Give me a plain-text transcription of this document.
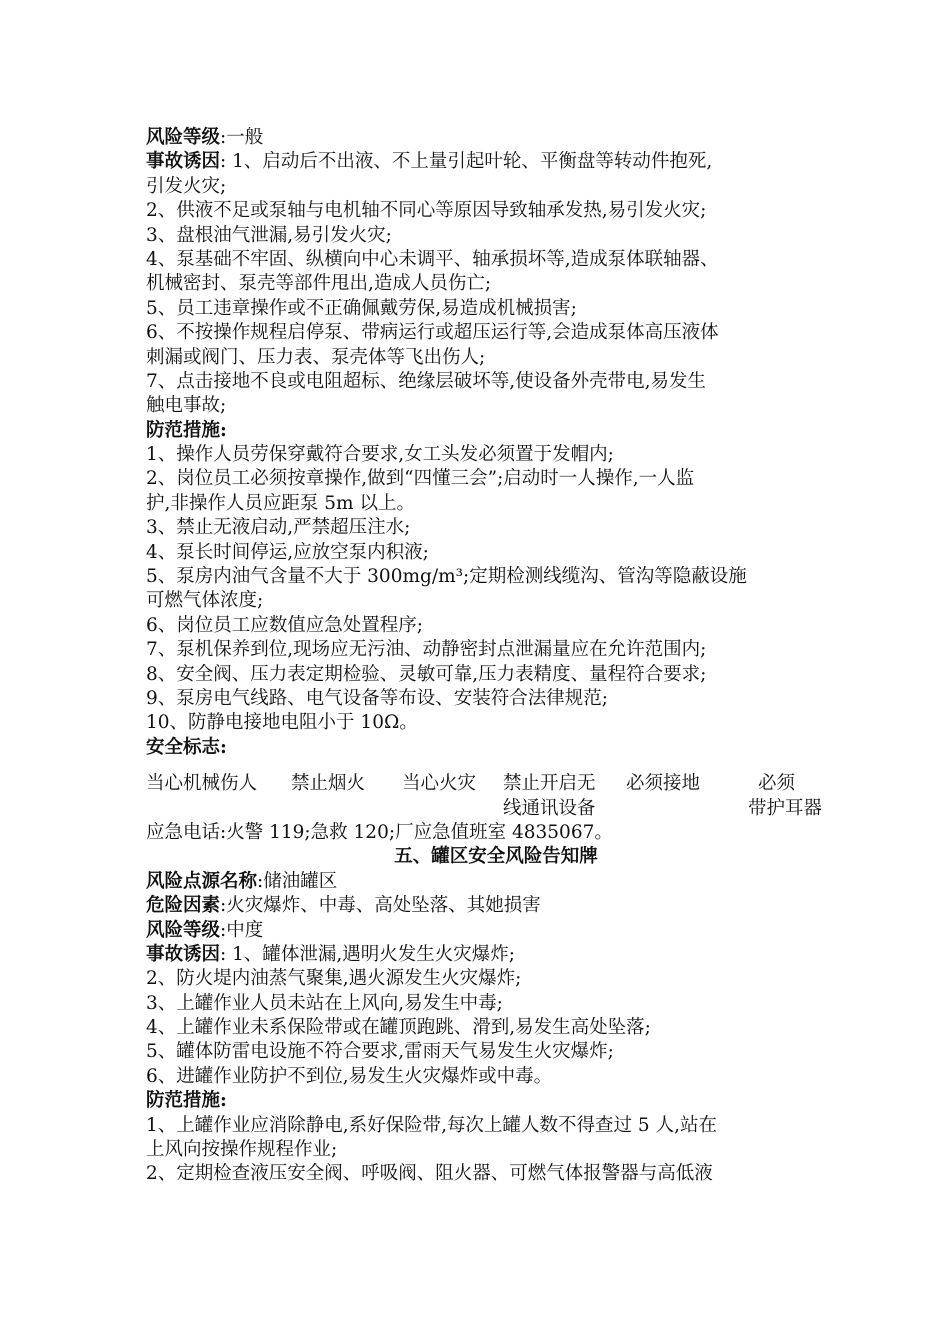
风险等级:一般
事故诱因: 1、启动后不出液、不上量引起叶轮、平衡盘等转动件抱死,
引发火灾;
2、供液不足或泵轴与电机轴不同心等原因导致轴承发热,易引发火灾;
3、盘根油气泄漏,易引发火灾;
4、泵基础不牢固、纵横向中心未调平、轴承损坏等,造成泵体联轴器、
机械密封、泵壳等部件甩出,造成人员伤亡;
5、员工违章操作或不正确佩戴劳保,易造成机械损害;
6、不按操作规程启停泵、带病运行或超压运行等,会造成泵体高压液体
刺漏或阀门、压力表、泵壳体等飞出伤人;
7、点击接地不良或电阻超标、绝缘层破坏等,使设备外壳带电,易发生
触电事故;
防范措施:
1、操作人员劳保穿戴符合要求,女工头发必须置于发帽内;
2、岗位员工必须按章操作,做到“四懂三会”;启动时一人操作,一人监
护,非操作人员应距泵 5m 以上。
3、禁止无液启动,严禁超压注水;
4、泵长时间停运,应放空泵内积液;
5、泵房内油气含量不大于 300mg/m³;定期检测线缆沟、管沟等隐蔽设施
可燃气体浓度;
6、岗位员工应数值应急处置程序;
7、泵机保养到位,现场应无污油、动静密封点泄漏量应在允许范围内;
8、安全阀、压力表定期检验、灵敏可靠,压力表精度、量程符合要求;
9、泵房电气线路、电气设备等布设、安装符合法律规范;
10、防静电接地电阻小于 10Ω。
安全标志:
当心机械伤人 禁止烟火 当心火灾 禁止开启无
线通讯设备
必须接地	必须
带护耳器
应急电话:火警 119;急救 120;厂应急值班室 4835067。
五、罐区安全风险告知牌
风险点源名称:储油罐区
危险因素:火灾爆炸、中毒、高处坠落、其她损害
风险等级:中度
事故诱因: 1、罐体泄漏,遇明火发生火灾爆炸;
2、防火堤内油蒸气聚集,遇火源发生火灾爆炸;
3、上罐作业人员未站在上风向,易发生中毒;
4、上罐作业未系保险带或在罐顶跑跳、滑到,易发生高处坠落;
5、罐体防雷电设施不符合要求,雷雨天气易发生火灾爆炸;
6、进罐作业防护不到位,易发生火灾爆炸或中毒。
防范措施:
1、上罐作业应消除静电,系好保险带,每次上罐人数不得查过 5 人,站在
上风向按操作规程作业;
2、定期检查液压安全阀、呼吸阀、阻火器、可燃气体报警器与高低液
